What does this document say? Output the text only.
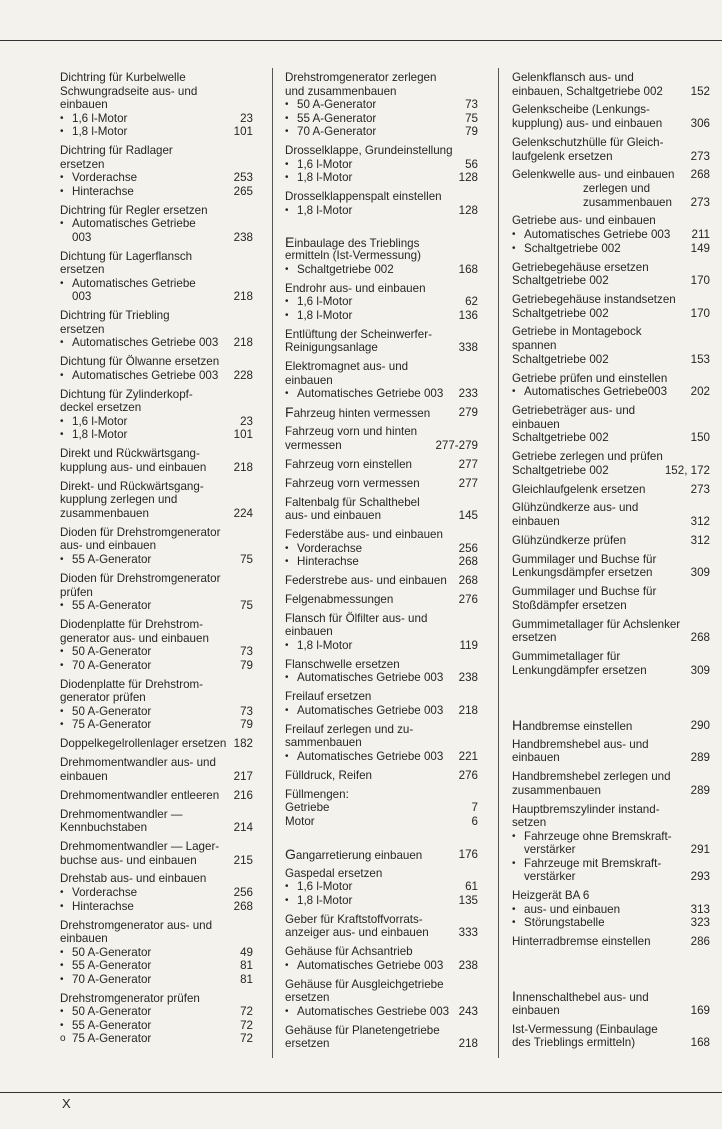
Dichtring für Kurbelwelle
Schwungradseite aus- und
einbauen
• 1,6 l-Motor	23
• 1,8 l-Motor	101
Dichtring für Radlager
ersetzen
• Vorderachse	253
• Hinterachse	265
Dichtring für Regler ersetzen
• Automatisches Getriebe
003	238
Dichtung für Lagerflansch
ersetzen
• Automatisches Getriebe
003	218
Dichtring für Triebling
ersetzen
• Automatisches Getriebe 003 218
Dichtung für Ölwanne ersetzen
• Automatisches Getriebe 003 228
Dichtung für Zylinderkopf-
deckel ersetzen
• 1,6 l-Motor	23
• 1,8 l-Motor	101
Direkt und Rückwärtsgang-
kupplung aus- und einbauen 218
Direkt- und Rückwärtsgang-
kupplung zerlegen und
zusammenbauen	224
Dioden für Drehstromgenerator
aus- und einbauen
• 55 A-Generator	75
Dioden für Drehstromgenerator
prüfen
• 55 A-Generator	75
Diodenplatte für Drehstrom-
generator aus- und einbauen
• 50 A-Generator	73
• 70 A-Generator	79
Diodenplatte für Drehstrom-
generator prüfen
• 50 A-Generator	73
• 75 A-Generator	79
Doppelkegelrollenlager ersetzen 182
Drehmomentwandler aus- und
einbauen	217
Drehmomentwandler entleeren 216
Drehmomentwandler —
Kennbuchstaben	214
Drehmomentwandler — Lager-
buchse aus- und einbauen	215
Drehstab aus- und einbauen
• Vorderachse	256
• Hinterachse	268
Drehstromgenerator aus- und
einbauen
• 50 A-Generator	49
• 55 A-Generator	81
• 70 A-Generator	81
Drehstromgenerator prüfen
• 50 A-Generator	72
• 55 A-Generator	72
o 75 A-Generator	72
Drehstromgenerator zerlegen
und zusammenbauen
• 50 A-Generator	73
• 55 A-Generator	75
• 70 A-Generator	79
Drosselklappe, Grundeinstellung
• 1,6 l-Motor	56
• 1,8 l-Motor	128
Drosselklappenspalt einstellen
• 1,8 l-Motor	128
Einbaulage des Trieblings
ermitteln (Ist-Vermessung)
• Schaltgetriebe 002	168
Endrohr aus- und einbauen
• 1,6 l-Motor	62
• 1,8 l-Motor	136
Entlüftung der Scheinwerfer-
Reinigungsanlage	338
Elektromagnet aus- und
einbauen
• Automatisches Getriebe 003 233
Fahrzeug hinten vermessen 279
Fahrzeug vorn und hinten
vermessen	277-279
Fahrzeug vorn einstellen	277
Fahrzeug vorn vermessen	277
Faltenbalg für Schalthebel
aus- und einbauen	145
Federstäbe aus- und einbauen
• Vorderachse	256
• Hinterachse	268
Federstrebe aus- und einbauen 268
Felgenabmessungen	276
Flansch für Ölfilter aus- und
einbauen
• 1,8 l-Motor	119
Flanschwelle ersetzen
• Automatisches Getriebe 003 238
Freilauf ersetzen
• Automatisches Getriebe 003 218
Freilauf zerlegen und zu-
sammenbauen
• Automatisches Getriebe 003 221
Fülldruck, Reifen	276
Füllmengen:
Getriebe	7
Motor	6
Gangarretierung einbauen	176
Gaspedal ersetzen
• 1,6 l-Motor	61
• 1,8 l-Motor	135
Geber für Kraftstoffvorrats-
anzeiger aus- und einbauen	333
Gehäuse für Achsantrieb
• Automatisches Getriebe 003 238
Gehäuse für Ausgleichgetriebe
ersetzen
• Automatisches Gestriebe 003 243
Gehäuse für Planetengetriebe
ersetzen	218
Gelenkflansch aus- und
einbauen, Schaltgetriebe 002 152
Gelenkscheibe (Lenkungs-
kupplung) aus- und einbauen 306
Gelenkschutzhülle für Gleich-
laufgelenk ersetzen	273
Gelenkwelle aus- und einbauen 268
zerlegen und
zusammenbauen 273
Getriebe aus- und einbauen
• Automatisches Getriebe 003 211
• Schaltgetriebe 002	149
Getriebegehäuse ersetzen
Schaltgetriebe 002	170
Getriebegehäuse instandsetzen
Schaltgetriebe 002	170
Getriebe in Montagebock
spannen
Schaltgetriebe 002	153
Getriebe prüfen und einstellen
• Automatisches Getriebe003 202
Getriebeträger aus- und
einbauen
Schaltgetriebe 002	150
Getriebe zerlegen und prüfen
Schaltgetriebe 002	152, 172
Gleichlaufgelenk ersetzen	273
Glühzündkerze aus- und
einbauen	312
Glühzündkerze prüfen	312
Gummilager und Buchse für
Lenkungsdämpfer ersetzen	309
Gummilager und Buchse für
Stoßdämpfer ersetzen
Gummimetallager für Achslenker
ersetzen	268
Gummimetallager für
Lenkungdämpfer ersetzen	309
Handbremse einstellen	290
Handbremshebel aus- und
einbauen	289
Handbremshebel zerlegen und
zusammenbauen	289
Hauptbremszylinder instand-
setzen
• Fahrzeuge ohne Bremskraft-
verstärker	291
• Fahrzeuge mit Bremskraft-
verstärker	293
Heizgerät BA 6
• aus- und einbauen	313
• Störungstabelle	323
Hinterradbremse einstellen	286
Innenschalthebel aus- und
einbauen	169
Ist-Vermessung (Einbaulage
des Trieblings ermitteln)	168
X
